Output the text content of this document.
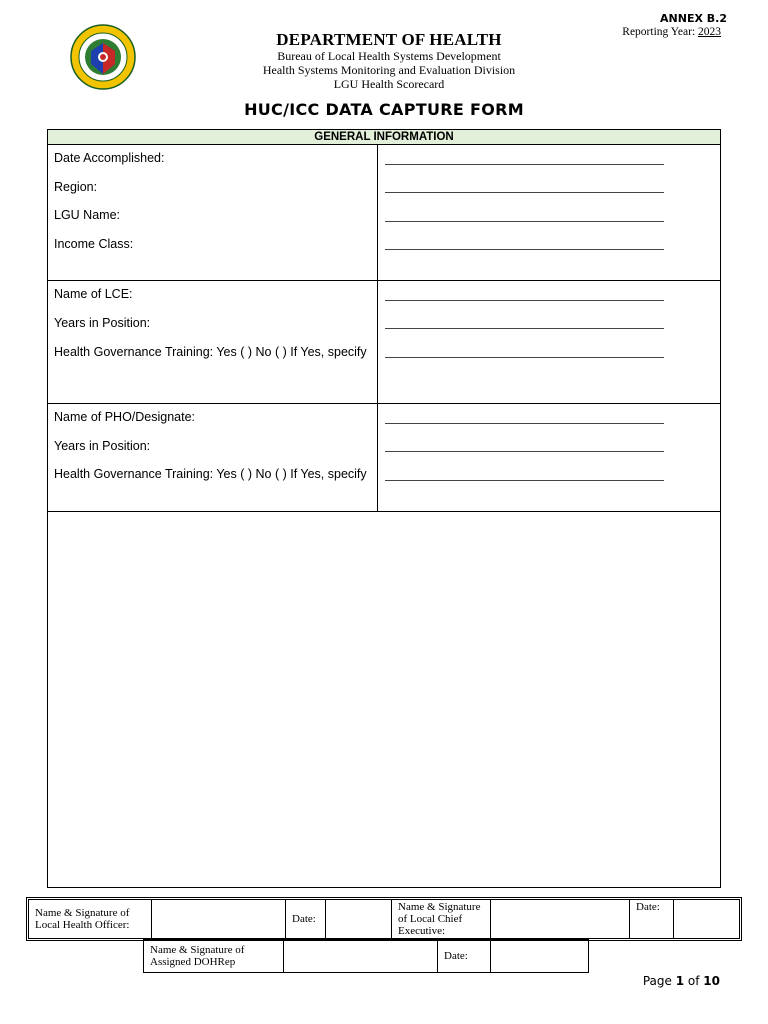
ANNEX B.2
Reporting Year: 2023
DEPARTMENT OF HEALTH
Bureau of Local Health Systems Development
Health Systems Monitoring and Evaluation Division
LGU Health Scorecard
HUC/ICC DATA CAPTURE FORM
GENERAL INFORMATION
Date Accomplished:
Region:
LGU Name:
Income Class:
Name of LCE:
Years in Position:
Health Governance Training: Yes ( ) No ( ) If Yes, specify
Name of PHO/Designate:
Years in Position:
Health Governance Training: Yes ( ) No ( ) If Yes, specify
Name & Signature of Local Health Officer:		Date:		Name & Signature of Local Chief Executive:		Date:	
Name & Signature of Assigned DOHRep		Date:	
Page 1 of 10
